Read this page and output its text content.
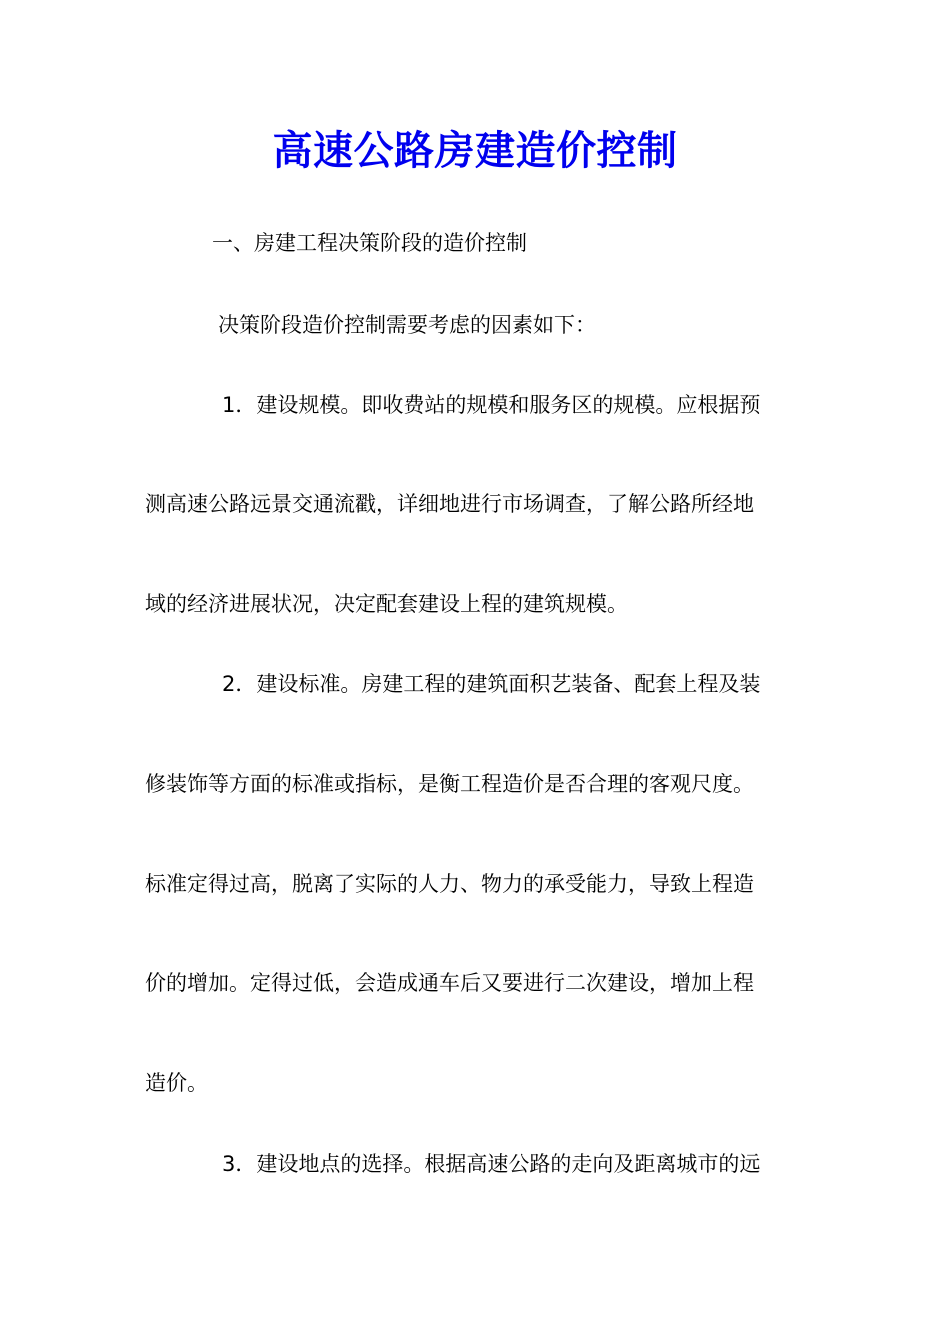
高速公路房建造价控制
一、房建工程决策阶段的造价控制
决策阶段造价控制需要考虑的因素如下：
1．建设规模。即收费站的规模和服务区的规模。应根据预
测高速公路远景交通流戳，详细地进行市场调查，了解公路所经地
域的经济进展状况，决定配套建设上程的建筑规模。
2．建设标准。房建工程的建筑面积艺装备、配套上程及装
修装饰等方面的标准或指标，是衡工程造价是否合理的客观尺度。
标准定得过高，脱离了实际的人力、物力的承受能力，导致上程造
价的增加。定得过低，会造成通车后又要进行二次建设，增加上程
造价。
3．建设地点的选择。根据高速公路的走向及距离城市的远
